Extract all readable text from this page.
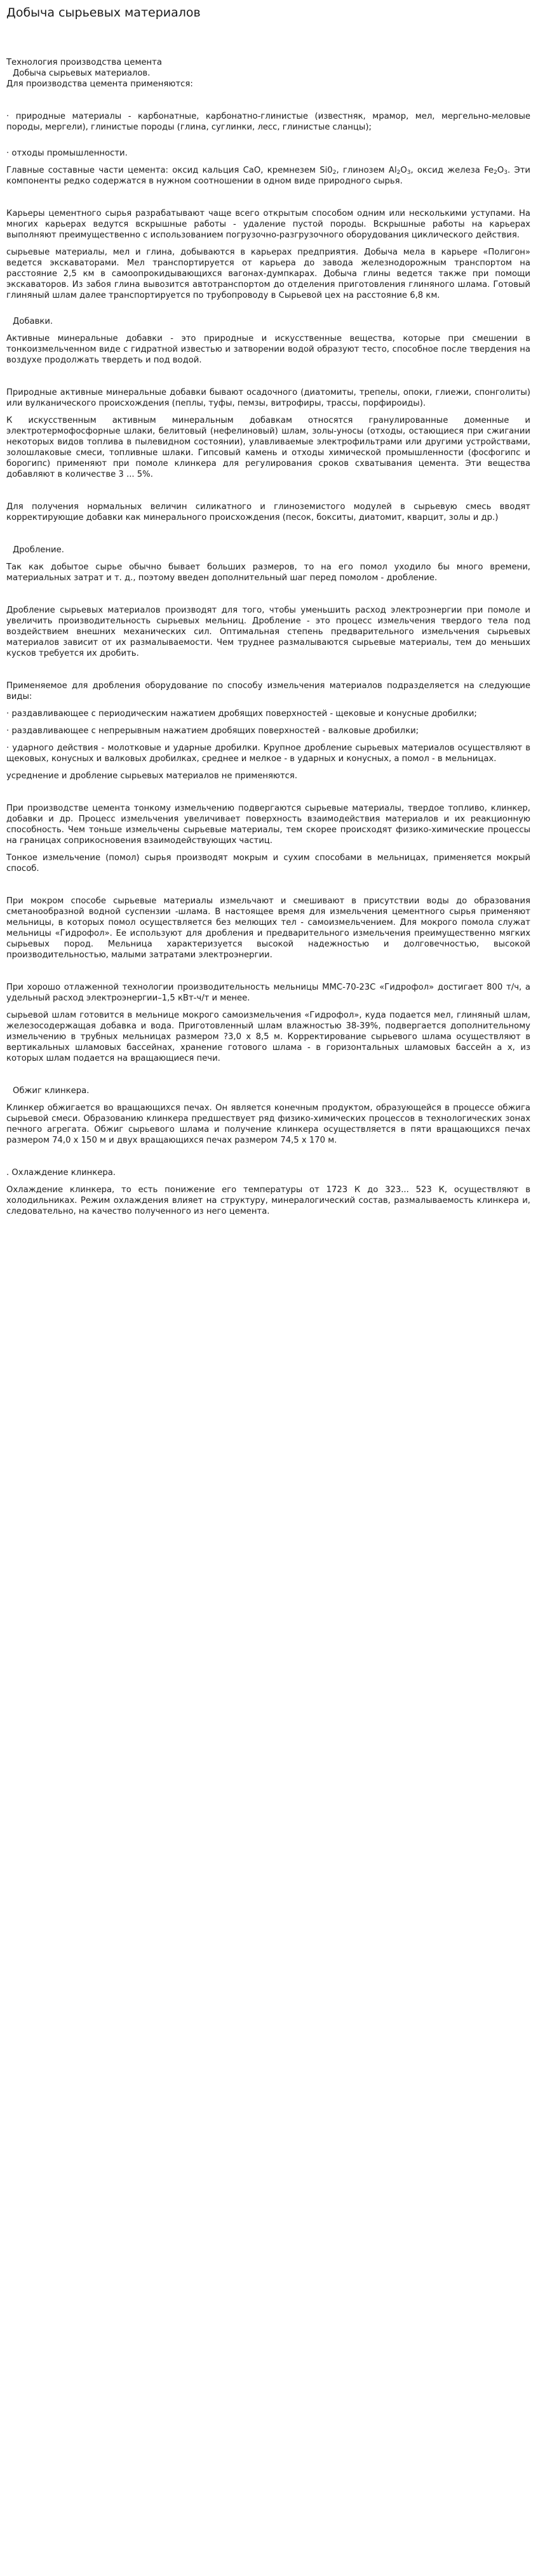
Добыча сырьевых материалов

Технология производства цемента

Добыча сырьевых материалов.

Для производства цемента применяются:

· природные материалы - карбонатные, карбонатно-глинистые (известняк, мрамор, мел, мергельно-меловые породы, мергели), глинистые породы (глина, суглинки, лесс, глинистые сланцы);

· отходы промышленности.

Главные составные части цемента: оксид кальция CaO, кремнезем $Si0_2$, глинозем $Al_2O_3$, оксид железа $Fe_2O_3$. Эти компоненты редко содержатся в нужном соотношении в одном виде природного сырья.

Карьеры цементного сырья разрабатывают чаще всего открытым способом одним или несколькими уступами. На многих карьерах ведутся вскрышные работы - удаление пустой породы. Вскрышные работы на карьерах выполняют преимущественно с использованием погрузочно-разгрузочного оборудования циклического действия.

сырьевые материалы, мел и глина, добываются в карьерах предприятия. Добыча мела в карьере «Полигон» ведется экскаваторами. Мел транспортируется от карьера до завода железнодорожным транспортом на расстояние 2,5 км в самоопрокидывающихся вагонах-думпкарах. Добыча глины ведется также при помощи экскаваторов. Из забоя глина вывозится автотранспортом до отделения приготовления глиняного шлама. Готовый глиняный шлам далее транспортируется по трубопроводу в Сырьевой цех на расстояние 6,8 км.

Добавки.

Активные минеральные добавки - это природные и искусственные вещества, которые при смешении в тонкоизмельченном виде с гидратной известью и затворении водой образуют тесто, способное после твердения на воздухе продолжать твердеть и под водой.

Природные активные минеральные добавки бывают осадочного (диатомиты, трепелы, опоки, глиежи, спонголиты) или вулканического происхождения (пеплы, туфы, пемзы, витрофиры, трассы, порфироиды).

К искусственным активным минеральным добавкам относятся гранулированные доменные и электротермофосфорные шлаки, белитовый (нефелиновый) шлам, золы-уносы (отходы, остающиеся при сжигании некоторых видов топлива в пылевидном состоянии), улавливаемые электрофильтрами или другими устройствами, золошлаковые смеси, топливные шлаки. Гипсовый камень и отходы химической промышленности (фосфогипс и борогипс) применяют при помоле клинкера для регулирования сроков схватывания цемента. Эти вещества добавляют в количестве 3 ... 5%.

Для получения нормальных величин силикатного и глиноземистого модулей в сырьевую смесь вводят корректирующие добавки как минерального происхождения (песок, бокситы, диатомит, кварцит, золы и др.)

Дробление.

Так как добытое сырье обычно бывает больших размеров, то на его помол уходило бы много времени, материальных затрат и т. д., поэтому введен дополнительный шаг перед помолом - дробление.

Дробление сырьевых материалов производят для того, чтобы уменьшить расход электроэнергии при помоле и увеличить производительность сырьевых мельниц. Дробление - это процесс измельчения твердого тела под воздействием внешних механических сил. Оптимальная степень предварительного измельчения сырьевых материалов зависит от их размалываемости. Чем труднее размалываются сырьевые материалы, тем до меньших кусков требуется их дробить.

Применяемое для дробления оборудование по способу измельчения материалов подразделяется на следующие виды:

· раздавливающее с периодическим нажатием дробящих поверхностей - щековые и конусные дробилки;

· раздавливающее с непрерывным нажатием дробящих поверхностей - валковые дробилки;

· ударного действия - молотковые и ударные дробилки. Крупное дробление сырьевых материалов осуществляют в щековых, конусных и валковых дробилках, среднее и мелкое - в ударных и конусных, а помол - в мельницах.

усреднение и дробление сырьевых материалов не применяются.

При производстве цемента тонкому измельчению подвергаются сырьевые материалы, твердое топливо, клинкер, добавки и др. Процесс измельчения увеличивает поверхность взаимодействия материалов и их реакционную способность. Чем тоньше измельчены сырьевые материалы, тем скорее происходят физико-химические процессы на границах соприкосновения взаимодействующих частиц.

Тонкое измельчение (помол) сырья производят мокрым и сухим способами в мельницах, применяется мокрый способ.

При мокром способе сырьевые материалы измельчают и смешивают в присутствии воды до образования сметанообразной водной суспензии -шлама. В настоящее время для измельчения цементного сырья применяют мельницы, в которых помол осуществляется без мелющих тел - самоизмельчением. Для мокрого помола служат мельницы «Гидрофол». Ее используют для дробления и предварительного измельчения преимущественно мягких сырьевых пород. Мельница характеризуется высокой надежностью и долговечностью, высокой производительностью, малыми затратами электроэнергии.

При хорошо отлаженной технологии производительность мельницы ММС-70-23С «Гидрофол» достигает 800 т/ч, а удельный расход электроэнергии–1,5 кВт-ч/т и менее.

сырьевой шлам готовится в мельнице мокрого самоизмельчения «Гидрофол», куда подается мел, глиняный шлам, железосодержащая добавка и вода. Приготовленный шлам влажностью 38-39%, подвергается дополнительному измельчению в трубных мельницах размером ?3,0 х 8,5 м. Корректирование сырьевого шлама осуществляют в вертикальных шламовых бассейнах, хранение готового шлама - в горизонтальных шламовых бассейн а х, из которых шлам подается на вращающиеся печи.

Обжиг клинкера.

Клинкер обжигается во вращающихся печах. Он является конечным продуктом, образующейся в процессе обжига сырьевой смеси. Образованию клинкера предшествует ряд физико-химических процессов в технологических зонах печного агрегата. Обжиг сырьевого шлама и получение клинкера осуществляется в пяти вращающихся печах размером 74,0 х 150 м и двух вращающихся печах размером 74,5 х 170 м.

. Охлаждение клинкера.

Охлаждение клинкера, то есть понижение его температуры от 1723 К до 323... 523 К, осуществляют в холодильниках. Режим охлаждения влияет на структуру, минералогический состав, размалываемость клинкера и, следовательно, на качество полученного из него цемента.
